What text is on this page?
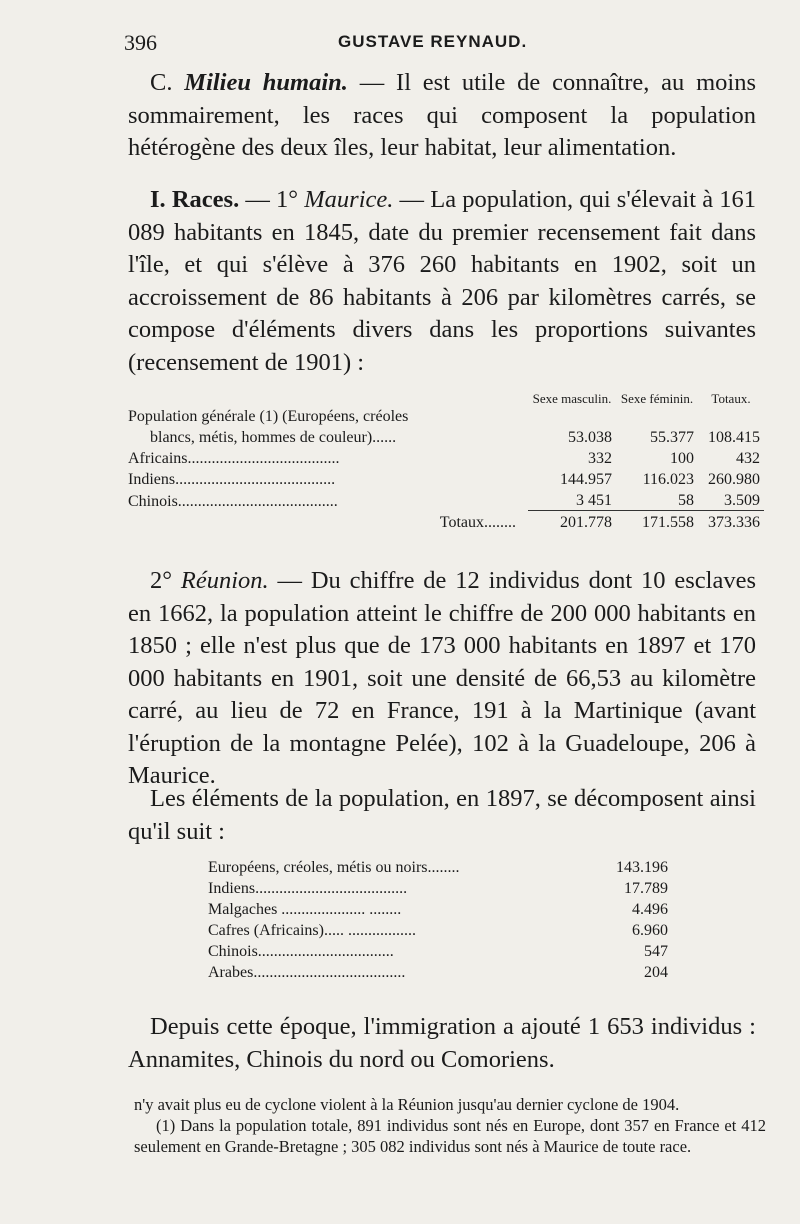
396	GUSTAVE REYNAUD.

C. Milieu humain. — Il est utile de connaître, au moins sommairement, les races qui composent la population hétérogène des deux îles, leur habitat, leur alimentation.

I. Races. — 1° Maurice. — La population, qui s'élevait à 161 089 habitants en 1845, date du premier recensement fait dans l'île, et qui s'élève à 376 260 habitants en 1902, soit un accroissement de 86 habitants à 206 par kilomètres carrés, se compose d'éléments divers dans les proportions suivantes (recensement de 1901) :

	Sexe masculin.	Sexe féminin.	Totaux.
Population générale (1) (Européens, créoles			
blancs, métis, hommes de couleur)......	53.038	55.377	108.415
Africains......................................	332	100	432
Indiens........................................	144.957	116.023	260.980
Chinois........................................	3 451	58	3.509
Totaux........	201.778	171.558	373.336

2° Réunion. — Du chiffre de 12 individus dont 10 esclaves en 1662, la population atteint le chiffre de 200 000 habitants en 1850 ; elle n'est plus que de 173 000 habitants en 1897 et 170 000 habitants en 1901, soit une densité de 66,53 au kilomètre carré, au lieu de 72 en France, 191 à la Martinique (avant l'éruption de la montagne Pelée), 102 à la Guadeloupe, 206 à Maurice.

Les éléments de la population, en 1897, se décomposent ainsi qu'il suit :

Européens, créoles, métis ou noirs........	143.196
Indiens......................................	17.789
Malgaches ..................... ........	4.496
Cafres (Africains)..... .................	6.960
Chinois..................................	547
Arabes......................................	204

Depuis cette époque, l'immigration a ajouté 1 653 individus : Annamites, Chinois du nord ou Comoriens.

n'y avait plus eu de cyclone violent à la Réunion jusqu'au dernier cyclone de 1904.

(1) Dans la population totale, 891 individus sont nés en Europe, dont 357 en France et 412 seulement en Grande-Bretagne ; 305 082 individus sont nés à Maurice de toute race.
